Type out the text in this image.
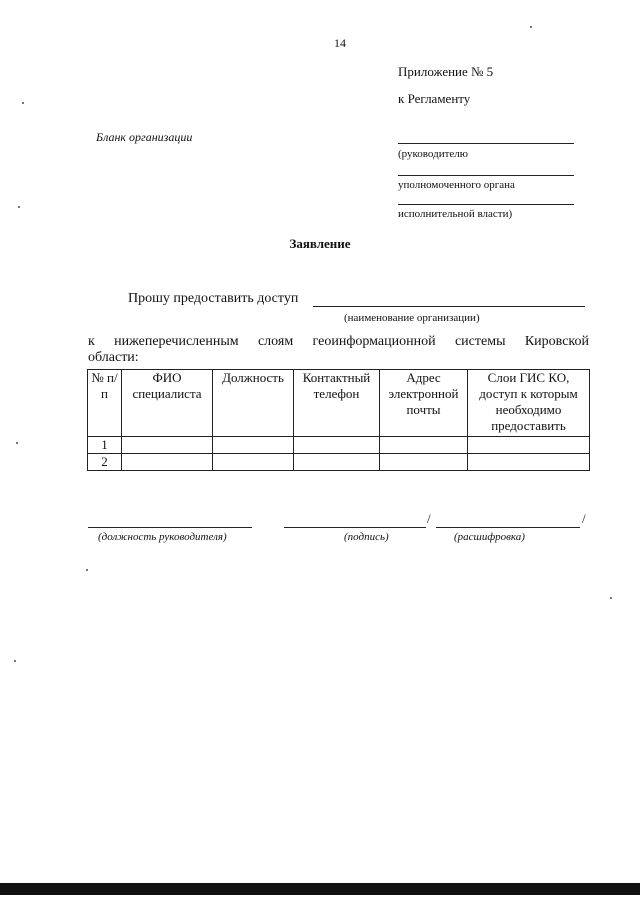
14
Приложение № 5
к Регламенту
Бланк организации
(руководителю
уполномоченного органа
исполнительной власти)
Заявление
Прошу предоставить доступ
(наименование организации)
к нижеперечисленным слоям геоинформационной системы Кировской
области:
№ п/п	ФИО специалиста	Должность	Контактный телефон	Адрес электронной почты	Слои ГИС КО, доступ к которым необходимо предоставить
1					
2					
/	/
(должность руководителя)	(подпись)	(расшифровка)
